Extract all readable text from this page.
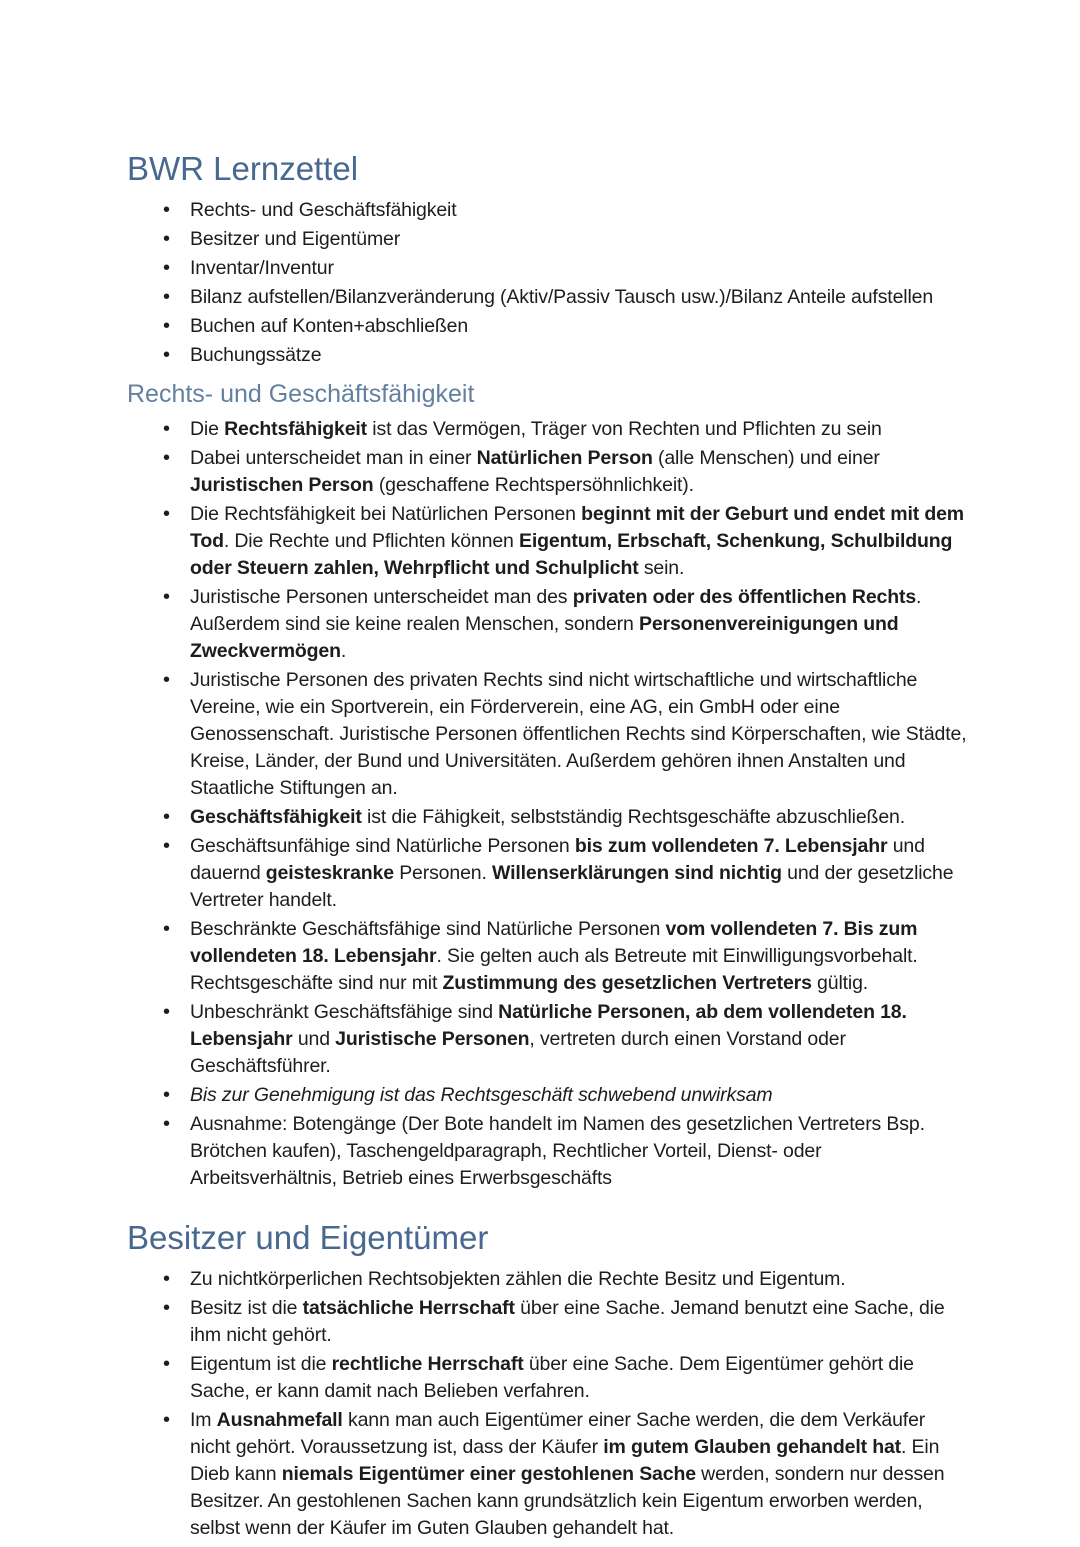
BWR Lernzettel
• Rechts- und Geschäftsfähigkeit
• Besitzer und Eigentümer
• Inventar/Inventur
• Bilanz aufstellen/Bilanzveränderung (Aktiv/Passiv Tausch usw.)/Bilanz Anteile aufstellen
• Buchen auf Konten+abschließen
• Buchungssätze
Rechts- und Geschäftsfähigkeit
• Die Rechtsfähigkeit ist das Vermögen, Träger von Rechten und Pflichten zu sein
• Dabei unterscheidet man in einer Natürlichen Person (alle Menschen) und einer Juristischen Person (geschaffene Rechtspersöhnlichkeit).
• Die Rechtsfähigkeit bei Natürlichen Personen beginnt mit der Geburt und endet mit dem Tod. Die Rechte und Pflichten können Eigentum, Erbschaft, Schenkung, Schulbildung oder Steuern zahlen, Wehrpflicht und Schulplicht sein.
• Juristische Personen unterscheidet man des privaten oder des öffentlichen Rechts. Außerdem sind sie keine realen Menschen, sondern Personenvereinigungen und Zweckvermögen.
• Juristische Personen des privaten Rechts sind nicht wirtschaftliche und wirtschaftliche Vereine, wie ein Sportverein, ein Förderverein, eine AG, ein GmbH oder eine Genossenschaft. Juristische Personen öffentlichen Rechts sind Körperschaften, wie Städte, Kreise, Länder, der Bund und Universitäten. Außerdem gehören ihnen Anstalten und Staatliche Stiftungen an.
• Geschäftsfähigkeit ist die Fähigkeit, selbstständig Rechtsgeschäfte abzuschließen.
• Geschäftsunfähige sind Natürliche Personen bis zum vollendeten 7. Lebensjahr und dauernd geisteskranke Personen. Willenserklärungen sind nichtig und der gesetzliche Vertreter handelt.
• Beschränkte Geschäftsfähige sind Natürliche Personen vom vollendeten 7. Bis zum vollendeten 18. Lebensjahr. Sie gelten auch als Betreute mit Einwilligungsvorbehalt. Rechtsgeschäfte sind nur mit Zustimmung des gesetzlichen Vertreters gültig.
• Unbeschränkt Geschäftsfähige sind Natürliche Personen, ab dem vollendeten 18. Lebensjahr und Juristische Personen, vertreten durch einen Vorstand oder Geschäftsführer.
• Bis zur Genehmigung ist das Rechtsgeschäft schwebend unwirksam
• Ausnahme: Botengänge (Der Bote handelt im Namen des gesetzlichen Vertreters Bsp. Brötchen kaufen), Taschengeldparagraph, Rechtlicher Vorteil, Dienst- oder Arbeitsverhältnis, Betrieb eines Erwerbsgeschäfts
Besitzer und Eigentümer
• Zu nichtkörperlichen Rechtsobjekten zählen die Rechte Besitz und Eigentum.
• Besitz ist die tatsächliche Herrschaft über eine Sache. Jemand benutzt eine Sache, die ihm nicht gehört.
• Eigentum ist die rechtliche Herrschaft über eine Sache. Dem Eigentümer gehört die Sache, er kann damit nach Belieben verfahren.
• Im Ausnahmefall kann man auch Eigentümer einer Sache werden, die dem Verkäufer nicht gehört. Voraussetzung ist, dass der Käufer im gutem Glauben gehandelt hat. Ein Dieb kann niemals Eigentümer einer gestohlenen Sache werden, sondern nur dessen Besitzer. An gestohlenen Sachen kann grundsätzlich kein Eigentum erworben werden, selbst wenn der Käufer im Guten Glauben gehandelt hat.
